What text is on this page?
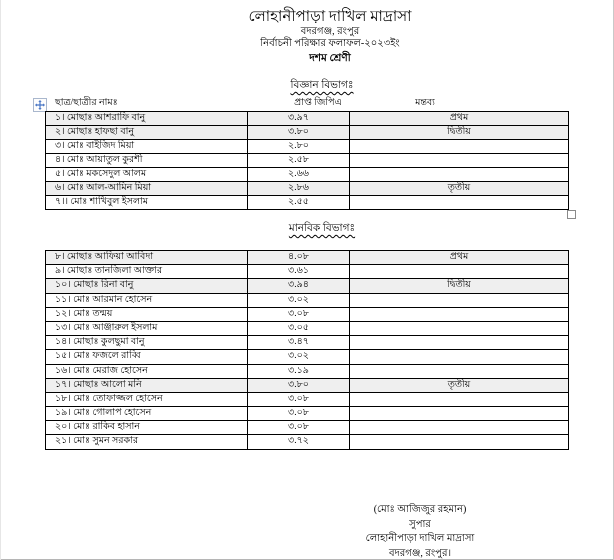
লোহানীপাড়া দাখিল মাদ্রাসা
বদরগঞ্জ, রংপুর
নির্বাচনী পরিক্ষার ফলাফল-২০২৩ইং
দশম শ্রেণী
বিজ্ঞান বিভাগঃ
ছাত্র/ছাত্রীর নামঃ	প্রাপ্ত জিপিএ	মন্তব্য
১। মোছাঃ আশরাফি বানু	৩.৯৭	প্রথম
২। মোছাঃ হাফছা বানু	৩.৮০	দ্বিতীয়
৩। মোঃ বাইজিদ মিয়া	২.৮০
৪। মোঃ আয়াতুল কুরশী	২.৫৮
৫। মোঃ মকসেদুল আলম	২.৬৬
৬। মোঃ আল-আমিন মিয়া	২.৮৬	তৃতীয়
৭।। মোঃ শাখিবুল ইসলাম	২.৫৫
মানবিক বিভাগঃ
৮। মোছাঃ আফিয়া আবিদা	৪.০৮	প্রথম
৯। মোছাঃ তানজিলা আক্তার	৩.৬১
১০। মোছাঃ রিনা বানু	৩.৯৪	দ্বিতীয়
১১। মোঃ আরমান হোসেন	৩.০২
১২। মোঃ তন্ময়	৩.০৮
১৩। মোঃ আঞ্জারুল ইসলাম	৩.০৫
১৪। মোছাঃ কুলছুমা বানু	৩.৪৭
১৫। মোঃ ফজলে রাব্বি	৩.০২
১৬। মোঃ মেরাজ হোসেন	৩.১৯
১৭। মোছাঃ আলো মনি	৩.৮০	তৃতীয়
১৮। মোঃ তোফাজ্জল হোসেন	৩.০৮
১৯। মোঃ গোলাপ হোসেন	৩.০৮
২০। মোঃ রাকিব হাসান	৩.০৮
২১। মোঃ সুমন সরকার	৩.৭২
(মোঃ আজিজুর রহমান)
সুপার
লোহানীপাড়া দাখিল মাদ্রাসা
বদরগঞ্জ, রংপুর।
